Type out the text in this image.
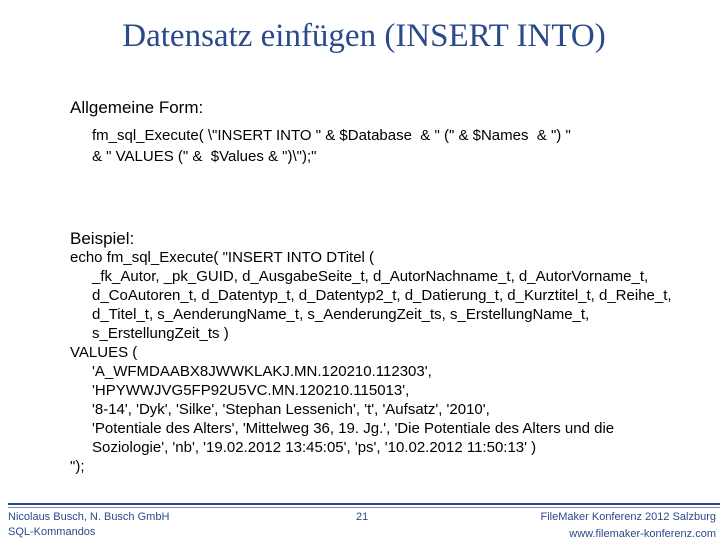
Datensatz einfügen (INSERT INTO)
Allgemeine Form:
fm_sql_Execute( \"INSERT INTO " & $Database  & " (" & $Names  & ") "
& " VALUES (" &  $Values & ")\");"
Beispiel:
echo fm_sql_Execute( "INSERT INTO DTitel (
_fk_Autor, _pk_GUID, d_AusgabeSeite_t, d_AutorNachname_t, d_AutorVorname_t,
d_CoAutoren_t, d_Datentyp_t, d_Datentyp2_t, d_Datierung_t, d_Kurztitel_t, d_Reihe_t,
d_Titel_t, s_AenderungName_t, s_AenderungZeit_ts, s_ErstellungName_t,
s_ErstellungZeit_ts )
VALUES (
'A_WFMDAABX8JWWKLAKJ.MN.120210.112303',
'HPYWWJVG5FP92U5VC.MN.120210.115013',
'8-14', 'Dyk', 'Silke', 'Stephan Lessenich', 't', 'Aufsatz', '2010',
'Potentiale des Alters', 'Mittelweg 36, 19. Jg.', 'Die Potentiale des Alters und die
Soziologie', 'nb', '19.02.2012 13:45:05', 'ps', '10.02.2012 11:50:13' )
");
Nicolaus Busch, N. Busch GmbH
SQL-Kommandos
21	FileMaker Konferenz 2012 Salzburg
www.filemaker-konferenz.com
